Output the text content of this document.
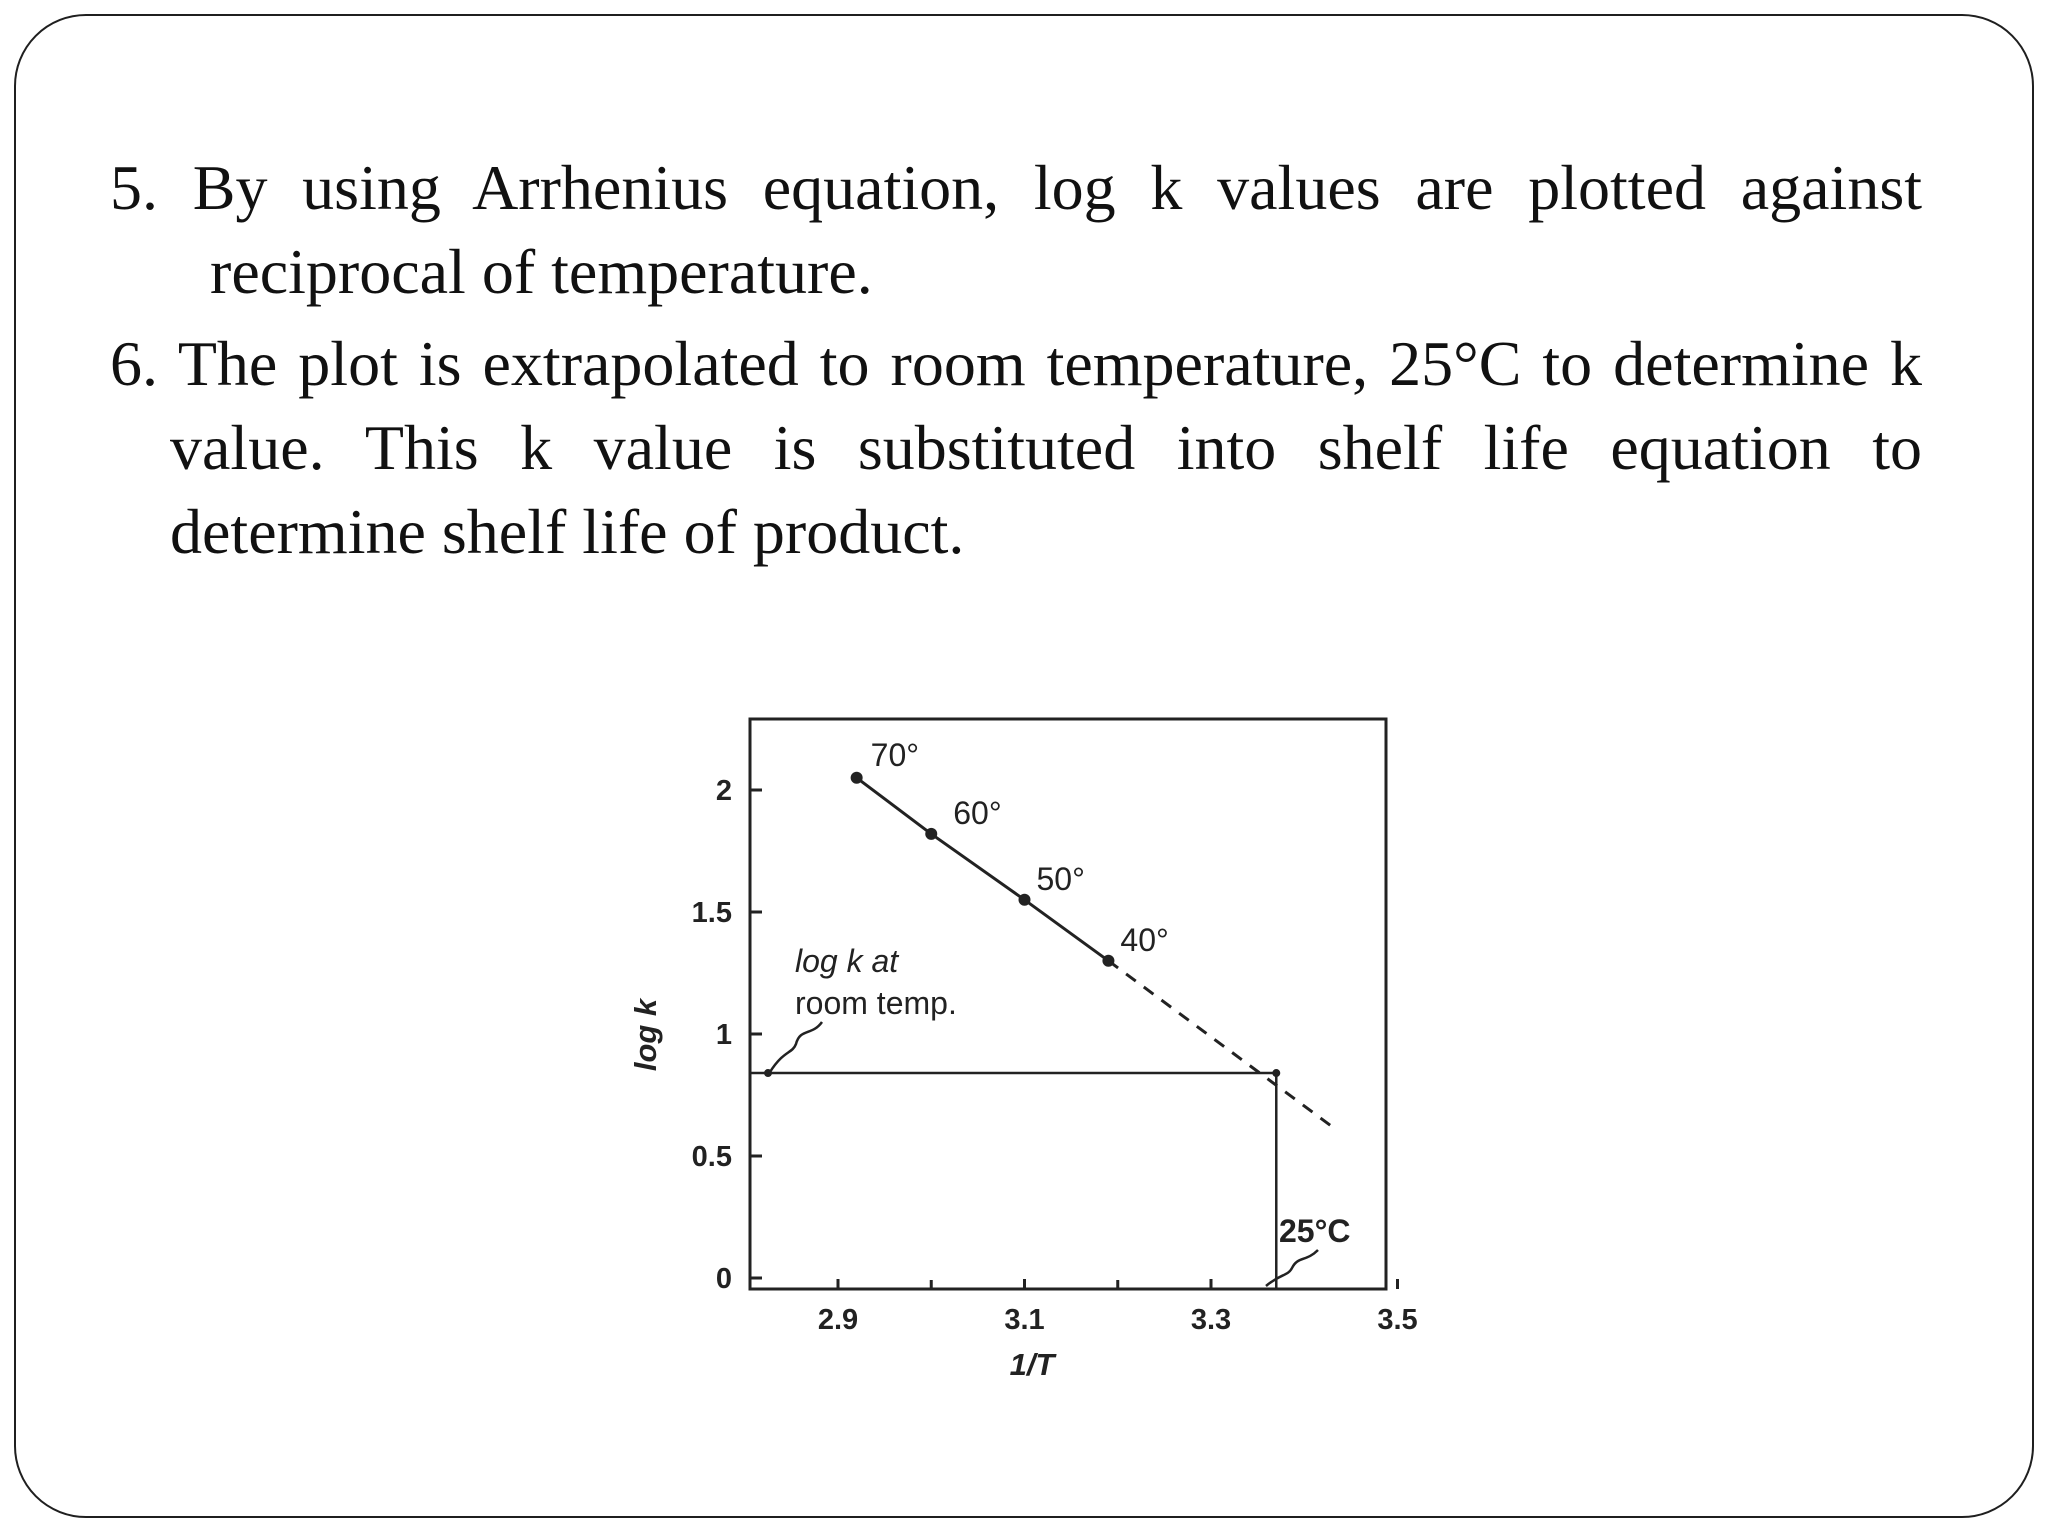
5. By using Arrhenius equation, log k values are plotted against reciprocal of temperature.

6. The plot is extrapolated to room temperature, 25°C to determine k value. This k value is substituted into shelf life equation to determine shelf life of product.

2.9	3.1	3.3	3.5
0
0.5
1
1.5
2
70°
60°
50°
40°
log k at
room temp.
25°C
1/T
log k
